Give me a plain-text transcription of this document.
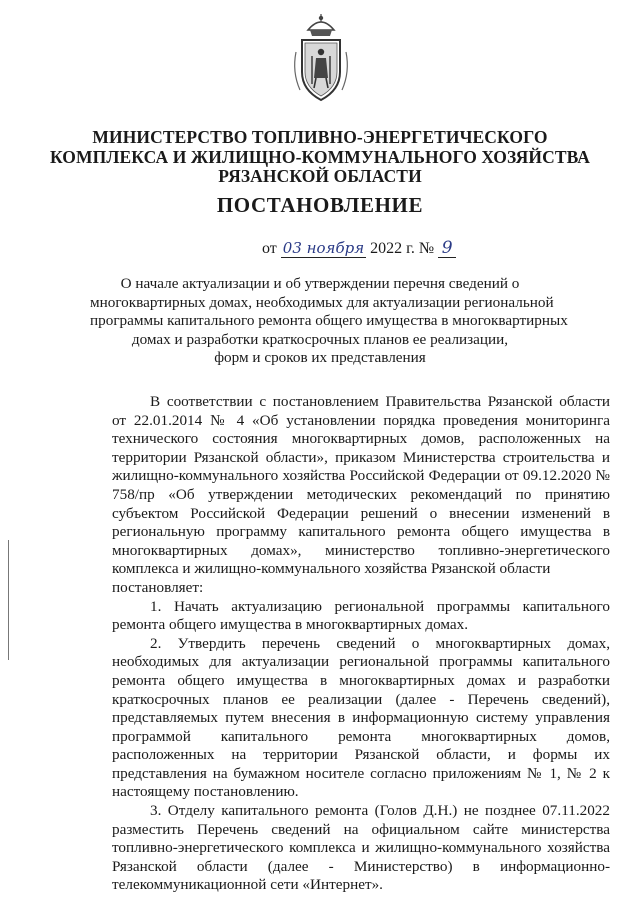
МИНИСТЕРСТВО ТОПЛИВНО-ЭНЕРГЕТИЧЕСКОГО
КОМПЛЕКСА И ЖИЛИЩНО-КОММУНАЛЬНОГО ХОЗЯЙСТВА
РЯЗАНСКОЙ ОБЛАСТИ
ПОСТАНОВЛЕНИЕ
от 03 ноября 2022 г. № 9
О начале актуализации и об утверждении перечня сведений о
многоквартирных домах, необходимых для актуализации региональной
программы капитального ремонта общего имущества в многоквартирных
домах и разработки краткосрочных планов ее реализации,
форм и сроков их представления

В соответствии с постановлением Правительства Рязанской области от 22.01.2014 № 4 «Об установлении порядка проведения мониторинга технического состояния многоквартирных домов, расположенных на территории Рязанской области», приказом Министерства строительства и жилищно-коммунального хозяйства Российской Федерации от 09.12.2020 № 758/пр «Об утверждении методических рекомендаций по принятию субъектом Российской Федерации решений о внесении изменений в региональную программу капитального ремонта общего имущества в многоквартирных домах», министерство топливно-энергетического комплекса и жилищно-коммунального хозяйства Рязанской области

постановляет:

1. Начать актуализацию региональной программы капитального ремонта общего имущества в многоквартирных домах.

2. Утвердить перечень сведений о многоквартирных домах, необходимых для актуализации региональной программы капитального ремонта общего имущества в многоквартирных домах и разработки краткосрочных планов ее реализации (далее - Перечень сведений), представляемых путем внесения в информационную систему управления программой капитального ремонта многоквартирных домов, расположенных на территории Рязанской области, и формы их представления на бумажном носителе согласно приложениям № 1, № 2 к настоящему постановлению.

3. Отделу капитального ремонта (Голов Д.Н.) не позднее 07.11.2022 разместить Перечень сведений на официальном сайте министерства топливно-энергетического комплекса и жилищно-коммунального хозяйства Рязанской области (далее - Министерство) в информационно-телекоммуникационной сети «Интернет».
